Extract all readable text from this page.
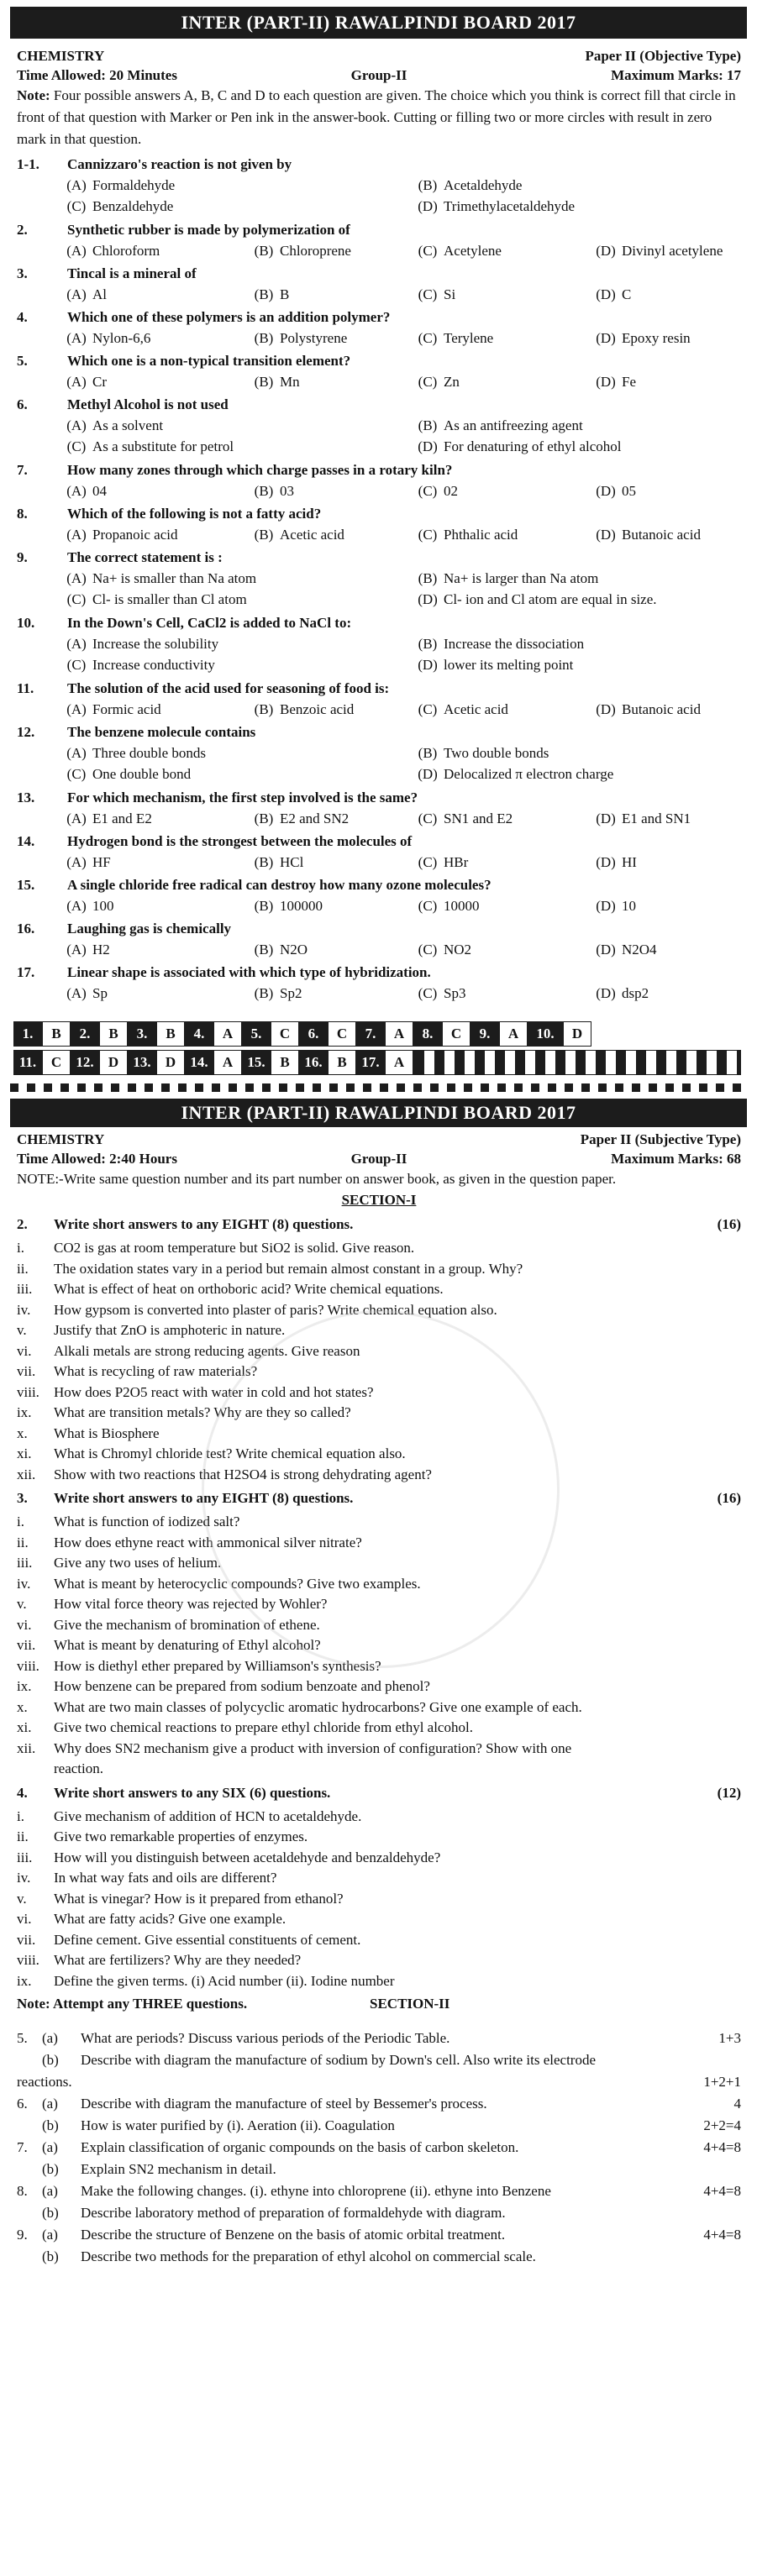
INTER (PART-II) RAWALPINDI BOARD 2017
CHEMISTRY	Paper II (Objective Type)
Time Allowed: 20 Minutes	Group-II	Maximum Marks: 17
Note: Four possible answers A, B, C and D to each question are given. The choice which you think is correct fill that circle in front of that question with Marker or Pen ink in the answer-book. Cutting or filling two or more circles with result in zero mark in that question.
1-1. Cannizzaro's reaction is not given by
(A) Formaldehyde	(B) Acetaldehyde
(C) Benzaldehyde	(D) Trimethylacetaldehyde
2.	Synthetic rubber is made by polymerization of
(A) Chloroform	(B) Chloroprene	(C) Acetylene	(D) Divinyl acetylene
3.	Tincal is a mineral of
(A) Al	(B) B	(C) Si	(D) C
4.	Which one of these polymers is an addition polymer?
(A) Nylon-6,6	(B) Polystyrene	(C) Terylene	(D) Epoxy resin
5.	Which one is a non-typical transition element?
(A) Cr	(B) Mn	(C) Zn	(D) Fe
6.	Methyl Alcohol is not used
(A) As a solvent	(B) As an antifreezing agent
(C) As a substitute for petrol	(D) For denaturing of ethyl alcohol
7.	How many zones through which charge passes in a rotary kiln?
(A) 04	(B) 03	(C) 02	(D) 05
8.	Which of the following is not a fatty acid?
(A) Propanoic acid	(B) Acetic acid	(C) Phthalic acid	(D) Butanoic acid
9.	The correct statement is :
(A) Na+ is smaller than Na atom	(B) Na+ is larger than Na atom
(C) Cl- is smaller than Cl atom	(D) Cl- ion and Cl atom are equal in size.
10. In the Down's Cell, CaCl2 is added to NaCl to:
(A) Increase the solubility	(B) Increase the dissociation
(C) Increase conductivity	(D) lower its melting point
11. The solution of the acid used for seasoning of food is:
(A) Formic acid	(B) Benzoic acid	(C) Acetic acid	(D) Butanoic acid
12. The benzene molecule contains
(A) Three double bonds	(B) Two double bonds
(C) One double bond	(D) Delocalized π electron charge
13. For which mechanism, the first step involved is the same?
(A) E1 and E2	(B) E2 and SN2	(C) SN1 and E2	(D) E1 and SN1
14. Hydrogen bond is the strongest between the molecules of
(A) HF	(B) HCl	(C) HBr	(D) HI
15. A single chloride free radical can destroy how many ozone molecules?
(A) 100	(B) 100000	(C) 10000	(D) 10
16. Laughing gas is chemically
(A) H2	(B) N2O	(C) NO2	(D) N2O4
17. Linear shape is associated with which type of hybridization.
(A) Sp	(B) Sp2	(C) Sp3	(D) dsp2
1.	B	2.	B	3.	B	4.	A	5.	C	6.	C	7.	A	8.	C	9.	A	10.	D
11.	C	12.	D	13.	D	14.	A	15.	B	16.	B	17.	A
INTER (PART-II) RAWALPINDI BOARD 2017
CHEMISTRY	Paper II (Subjective Type)
Time Allowed: 2:40 Hours	Group-II	Maximum Marks: 68
NOTE:-Write same question number and its part number on answer book, as given in the question paper.
SECTION-I
2. Write short answers to any EIGHT (8) questions.	(16)
i.	CO2 is gas at room temperature but SiO2 is solid. Give reason.
ii.	The oxidation states vary in a period but remain almost constant in a group. Why?
iii.	What is effect of heat on orthoboric acid? Write chemical equations.
iv.	How gypsom is converted into plaster of paris? Write chemical equation also.
v.	Justify that ZnO is amphoteric in nature.
vi.	Alkali metals are strong reducing agents. Give reason
vii.	What is recycling of raw materials?
viii.	How does P2O5 react with water in cold and hot states?
ix.	What are transition metals? Why are they so called?
x.	What is Biosphere
xi.	What is Chromyl chloride test? Write chemical equation also.
xii.	Show with two reactions that H2SO4 is strong dehydrating agent?
3. Write short answers to any EIGHT (8) questions.	(16)
i.	What is function of iodized salt?
ii.	How does ethyne react with ammonical silver nitrate?
iii.	Give any two uses of helium.
iv.	What is meant by heterocyclic compounds? Give two examples.
v.	How vital force theory was rejected by Wohler?
vi.	Give the mechanism of bromination of ethene.
vii.	What is meant by denaturing of Ethyl alcohol?
viii.	How is diethyl ether prepared by Williamson's synthesis?
ix.	How benzene can be prepared from sodium benzoate and phenol?
x.	What are two main classes of polycyclic aromatic hydrocarbons? Give one example of each.
xi.	Give two chemical reactions to prepare ethyl chloride from ethyl alcohol.
xii.	Why does SN2 mechanism give a product with inversion of configuration? Show with one
reaction.
4. Write short answers to any SIX (6) questions.	(12)
i.	Give mechanism of addition of HCN to acetaldehyde.
ii.	Give two remarkable properties of enzymes.
iii.	How will you distinguish between acetaldehyde and benzaldehyde?
iv.	In what way fats and oils are different?
v.	What is vinegar? How is it prepared from ethanol?
vi.	What are fatty acids? Give one example.
vii.	Define cement. Give essential constituents of cement.
viii.	What are fertilizers? Why are they needed?
ix.	Define the given terms. (i) Acid number (ii). Iodine number
Note: Attempt any THREE questions.	SECTION-II
5. (a) What are periods? Discuss various periods of the Periodic Table.	1+3
(b) Describe with diagram the manufacture of sodium by Down's cell. Also write its electrode
reactions.	1+2+1
6. (a) Describe with diagram the manufacture of steel by Bessemer's process.	4
(b) How is water purified by (i). Aeration (ii). Coagulation	2+2=4
7. (a) Explain classification of organic compounds on the basis of carbon skeleton.	4+4=8
(b) Explain SN2 mechanism in detail.
8. (a) Make the following changes. (i). ethyne into chloroprene (ii). ethyne into Benzene	4+4=8
(b) Describe laboratory method of preparation of formaldehyde with diagram.
9. (a) Describe the structure of Benzene on the basis of atomic orbital treatment.	4+4=8
(b) Describe two methods for the preparation of ethyl alcohol on commercial scale.
